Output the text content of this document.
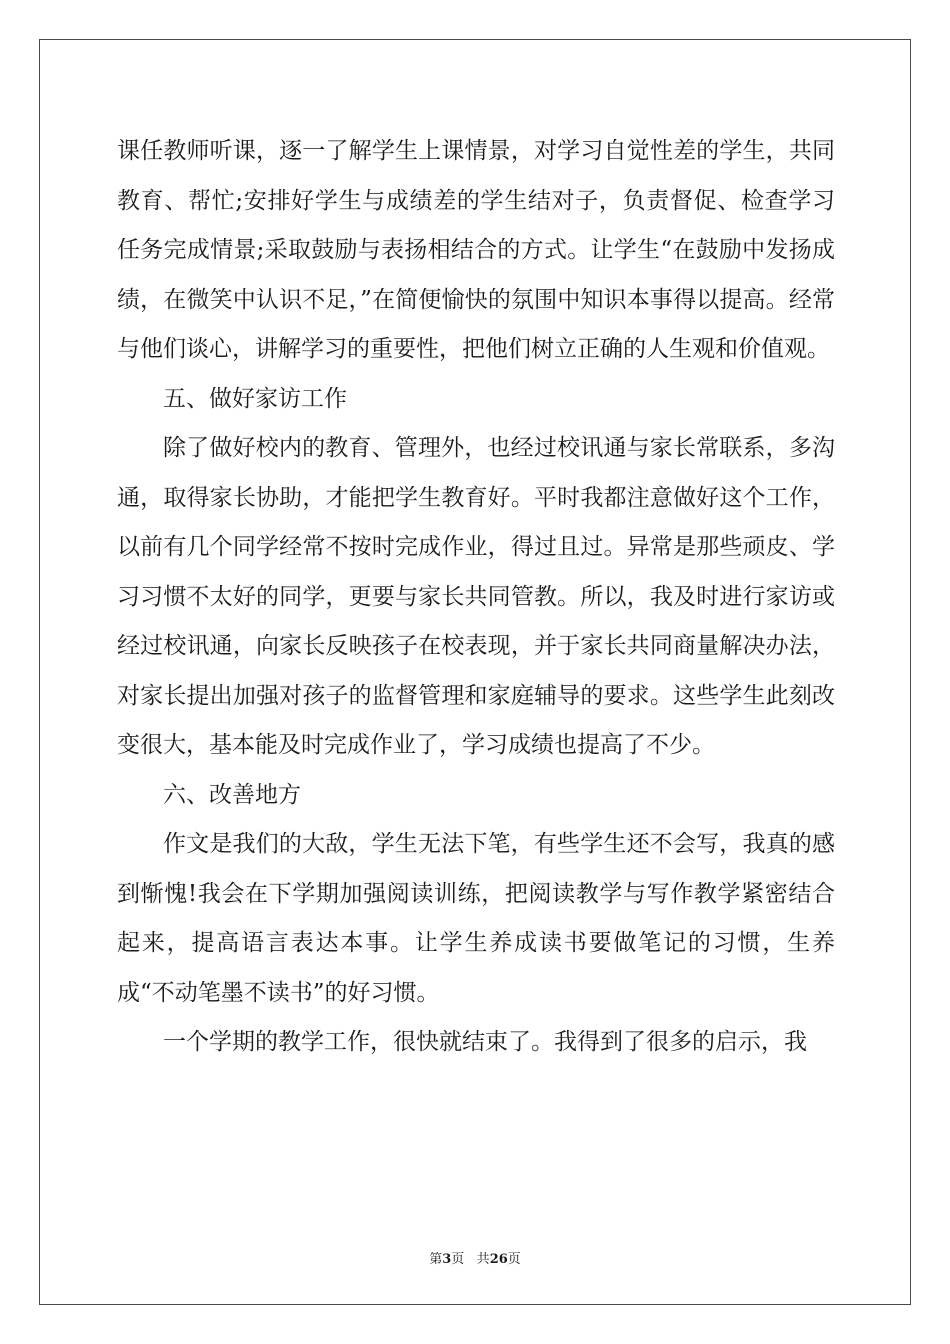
课任教师听课，逐一了解学生上课情景，对学习自觉性差的学生，共同教育、帮忙;安排好学生与成绩差的学生结对子，负责督促、检查学习任务完成情景;采取鼓励与表扬相结合的方式。让学生“在鼓励中发扬成绩，在微笑中认识不足，”在简便愉快的氛围中知识本事得以提高。经常与他们谈心，讲解学习的重要性，把他们树立正确的人生观和价值观。

五、做好家访工作

除了做好校内的教育、管理外，也经过校讯通与家长常联系，多沟通，取得家长协助，才能把学生教育好。平时我都注意做好这个工作，以前有几个同学经常不按时完成作业，得过且过。异常是那些顽皮、学习习惯不太好的同学，更要与家长共同管教。所以，我及时进行家访或经过校讯通，向家长反映孩子在校表现，并于家长共同商量解决办法，对家长提出加强对孩子的监督管理和家庭辅导的要求。这些学生此刻改变很大，基本能及时完成作业了，学习成绩也提高了不少。

六、改善地方

作文是我们的大敌，学生无法下笔，有些学生还不会写，我真的感到惭愧!我会在下学期加强阅读训练，把阅读教学与写作教学紧密结合起来，提高语言表达本事。让学生养成读书要做笔记的习惯，生养成“不动笔墨不读书”的好习惯。

一个学期的教学工作，很快就结束了。我得到了很多的启示，我

第3页 共26页
